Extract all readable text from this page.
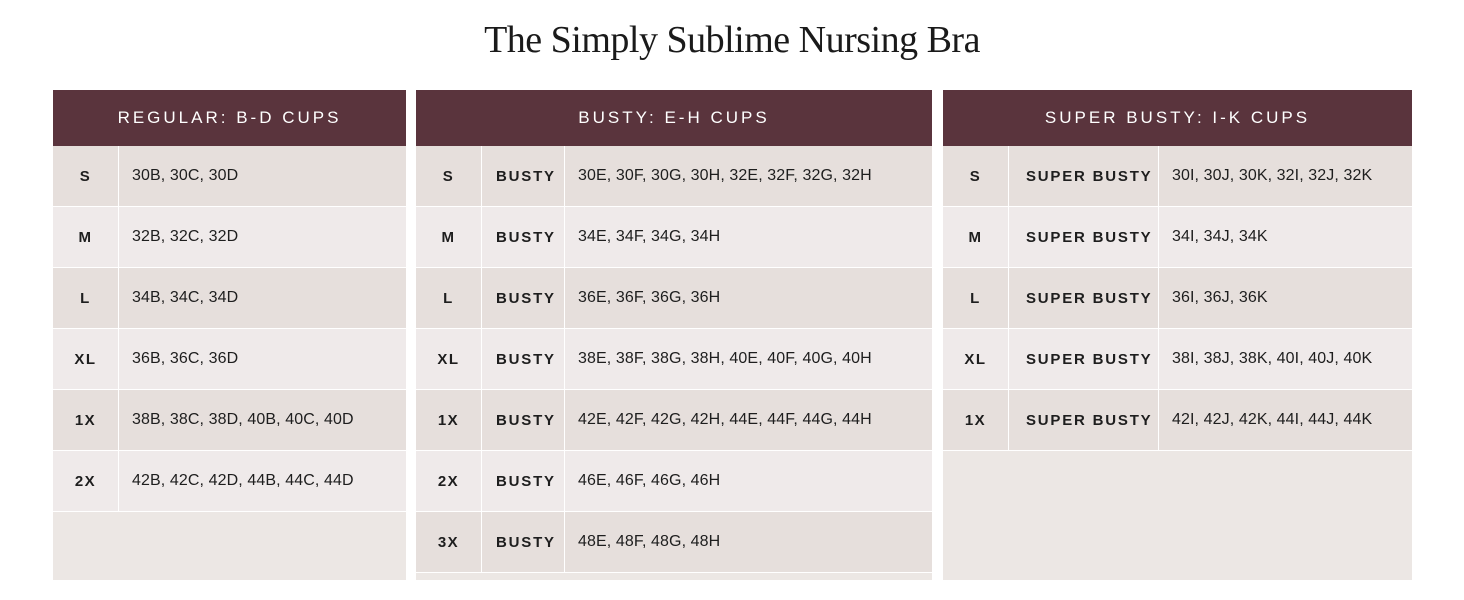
The Simply Sublime Nursing Bra
REGULAR: B-D CUPS
S	30B, 30C, 30D
M	32B, 32C, 32D
L	34B, 34C, 34D
XL	36B, 36C, 36D
1X	38B, 38C, 38D, 40B, 40C, 40D
2X	42B, 42C, 42D, 44B, 44C, 44D
BUSTY: E-H CUPS
S	BUSTY	30E, 30F, 30G, 30H, 32E, 32F, 32G, 32H
M	BUSTY	34E, 34F, 34G, 34H
L	BUSTY	36E, 36F, 36G, 36H
XL	BUSTY	38E, 38F, 38G, 38H, 40E, 40F, 40G, 40H
1X	BUSTY	42E, 42F, 42G, 42H, 44E, 44F, 44G, 44H
2X	BUSTY	46E, 46F, 46G, 46H
3X	BUSTY	48E, 48F, 48G, 48H
SUPER BUSTY: I-K CUPS
S	SUPER BUSTY	30I, 30J, 30K, 32I, 32J, 32K
M	SUPER BUSTY	34I, 34J, 34K
L	SUPER BUSTY	36I, 36J, 36K
XL	SUPER BUSTY	38I, 38J, 38K, 40I, 40J, 40K
1X	SUPER BUSTY	42I, 42J, 42K, 44I, 44J, 44K
